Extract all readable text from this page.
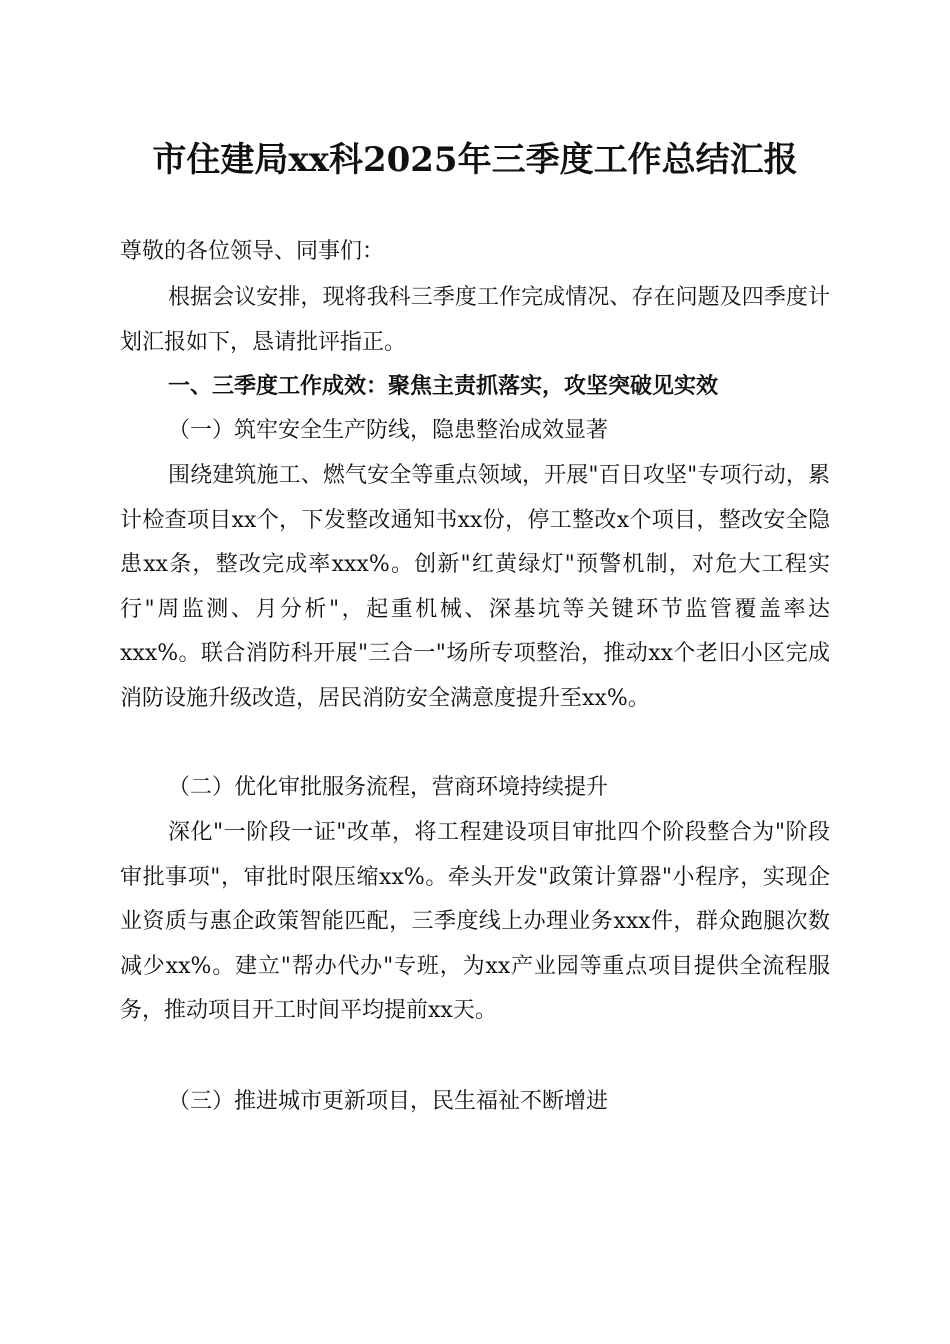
市住建局xx科2025年三季度工作总结汇报

尊敬的各位领导、同事们：

根据会议安排，现将我科三季度工作完成情况、存在问题及四季度计划汇报如下，恳请批评指正。

一、三季度工作成效：聚焦主责抓落实，攻坚突破见实效
（一）筑牢安全生产防线，隐患整治成效显著

围绕建筑施工、燃气安全等重点领域，开展"百日攻坚"专项行动，累计检查项目xx个，下发整改通知书xx份，停工整改x个项目，整改安全隐患xx条，整改完成率xxx%。创新"红黄绿灯"预警机制，对危大工程实行"周监测、月分析"，起重机械、深基坑等关键环节监管覆盖率达xxx%。联合消防科开展"三合一"场所专项整治，推动xx个老旧小区完成消防设施升级改造，居民消防安全满意度提升至xx%。

（二）优化审批服务流程，营商环境持续提升

深化"一阶段一证"改革，将工程建设项目审批四个阶段整合为"阶段审批事项"，审批时限压缩xx%。牵头开发"政策计算器"小程序，实现企业资质与惠企政策智能匹配，三季度线上办理业务xxx件，群众跑腿次数减少xx%。建立"帮办代办"专班，为xx产业园等重点项目提供全流程服务，推动项目开工时间平均提前xx天。

（三）推进城市更新项目，民生福祉不断增进
